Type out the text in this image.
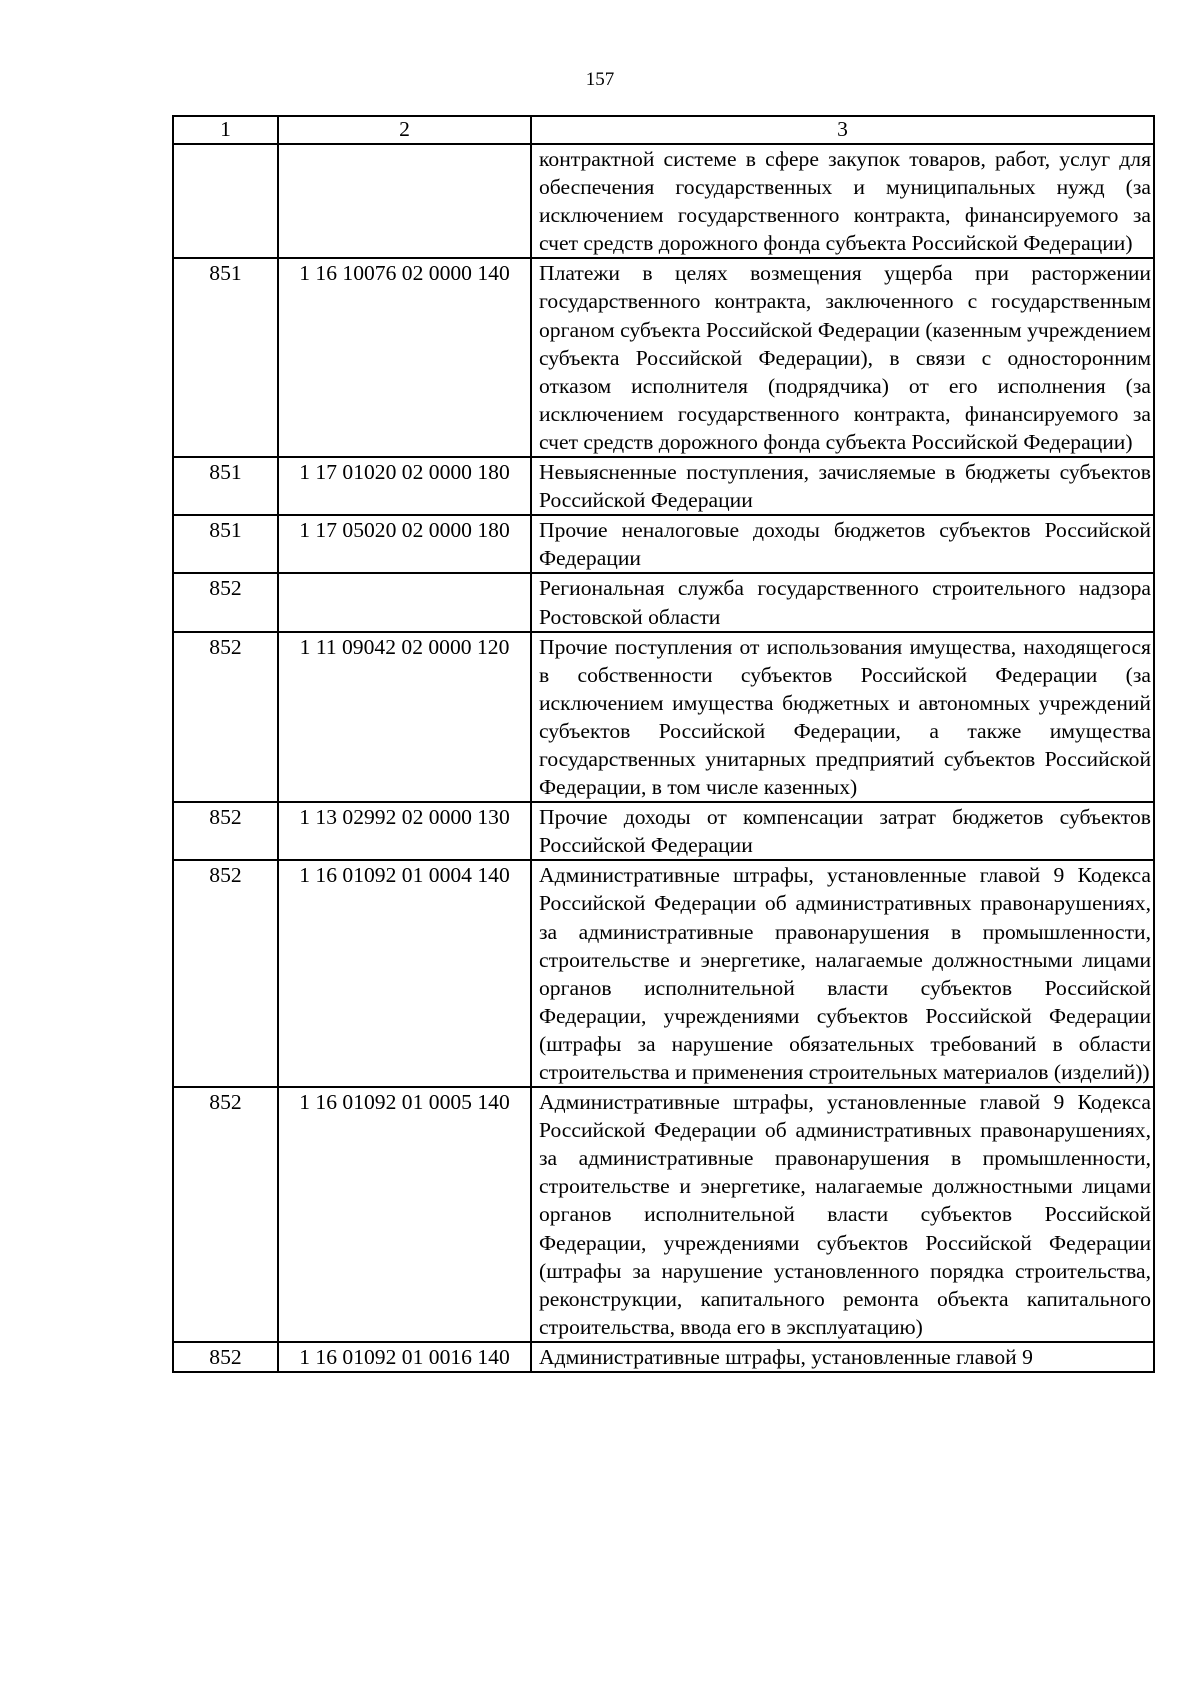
157
1	2	3
		контрактной системе в сфере закупок товаров, работ, услуг для обеспечения государственных и муниципальных нужд (за исключением государственного контракта, финансируемого за счет средств дорожного фонда субъекта Российской Федерации)
851	1 16 10076 02 0000 140	Платежи в целях возмещения ущерба при расторжении государственного контракта, заключенного с государственным органом субъекта Российской Федерации (казенным учреждением субъекта Российской Федерации), в связи с односторонним отказом исполнителя (подрядчика) от его исполнения (за исключением государственного контракта, финансируемого за счет средств дорожного фонда субъекта Российской Федерации)
851	1 17 01020 02 0000 180	Невыясненные поступления, зачисляемые в бюджеты субъектов Российской Федерации
851	1 17 05020 02 0000 180	Прочие неналоговые доходы бюджетов субъектов Российской Федерации
852		Региональная служба государственного строительного надзора Ростовской области
852	1 11 09042 02 0000 120	Прочие поступления от использования имущества, находящегося в собственности субъектов Российской Федерации (за исключением имущества бюджетных и автономных учреждений субъектов Российской Федерации, а также имущества государственных унитарных предприятий субъектов Российской Федерации, в том числе казенных)
852	1 13 02992 02 0000 130	Прочие доходы от компенсации затрат бюджетов субъектов Российской Федерации
852	1 16 01092 01 0004 140	Административные штрафы, установленные главой 9 Кодекса Российской Федерации об административных правонарушениях, за административные правонарушения в промышленности, строительстве и энергетике, налагаемые должностными лицами органов исполнительной власти субъектов Российской Федерации, учреждениями субъектов Российской Федерации (штрафы за нарушение обязательных требований в области строительства и применения строительных материалов (изделий))
852	1 16 01092 01 0005 140	Административные штрафы, установленные главой 9 Кодекса Российской Федерации об административных правонарушениях, за административные правонарушения в промышленности, строительстве и энергетике, налагаемые должностными лицами органов исполнительной власти субъектов Российской Федерации, учреждениями субъектов Российской Федерации (штрафы за нарушение установленного порядка строительства, реконструкции, капитального ремонта объекта капитального строительства, ввода его в эксплуатацию)
852	1 16 01092 01 0016 140	Административные штрафы, установленные главой 9
